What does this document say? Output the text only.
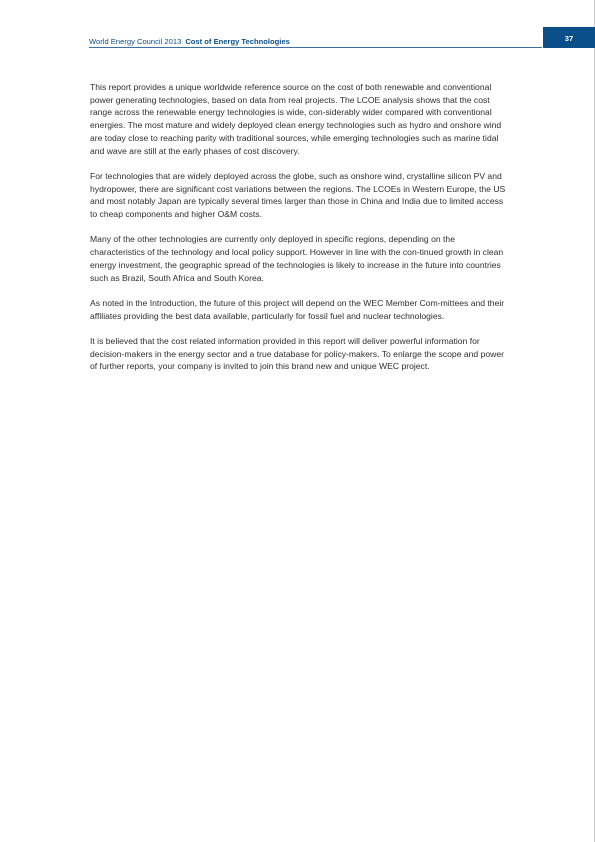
World Energy Council 2013 Cost of Energy Technologies	37

This report provides a unique worldwide reference source on the cost of both renewable and conventional power generating technologies, based on data from real projects. The LCOE analysis shows that the cost range across the renewable energy technologies is wide, con-siderably wider compared with conventional energies. The most mature and widely deployed clean energy technologies such as hydro and onshore wind are today close to reaching parity with traditional sources, while emerging technologies such as marine tidal and wave are still at the early phases of cost discovery.

For technologies that are widely deployed across the globe, such as onshore wind, crystalline silicon PV and hydropower, there are significant cost variations between the regions. The LCOEs in Western Europe, the US and most notably Japan are typically several times larger than those in China and India due to limited access to cheap components and higher O&M costs.

Many of the other technologies are currently only deployed in specific regions, depending on the characteristics of the technology and local policy support. However in line with the con-tinued growth in clean energy investment, the geographic spread of the technologies is likely to increase in the future into countries such as Brazil, South Africa and South Korea.

As noted in the Introduction, the future of this project will depend on the WEC Member Com-mittees and their affiliates providing the best data available, particularly for fossil fuel and nuclear technologies.

It is believed that the cost related information provided in this report will deliver powerful information for decision-makers in the energy sector and a true database for policy-makers. To enlarge the scope and power of further reports, your company is invited to join this brand new and unique WEC project.
